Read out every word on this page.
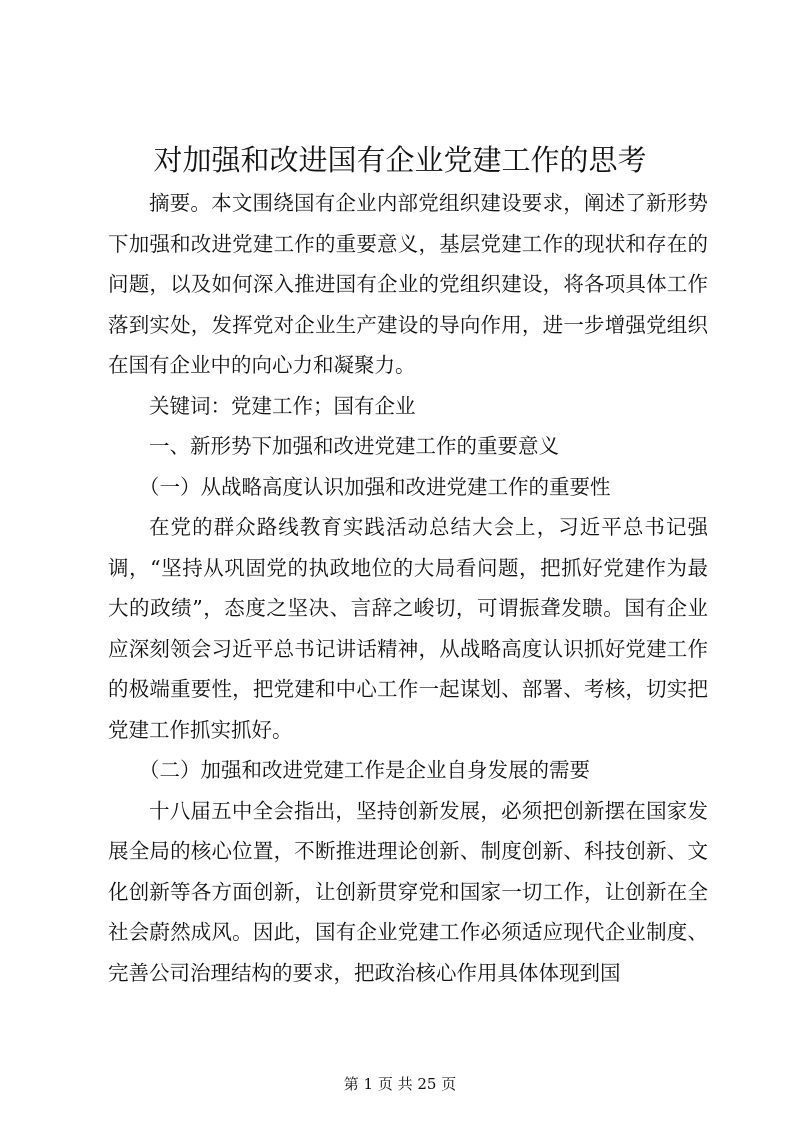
对加强和改进国有企业党建工作的思考

摘要。本文围绕国有企业内部党组织建设要求，阐述了新形势下加强和改进党建工作的重要意义，基层党建工作的现状和存在的问题，以及如何深入推进国有企业的党组织建设，将各项具体工作落到实处，发挥党对企业生产建设的导向作用，进一步增强党组织在国有企业中的向心力和凝聚力。

关键词：党建工作；国有企业

一、新形势下加强和改进党建工作的重要意义

（一）从战略高度认识加强和改进党建工作的重要性

在党的群众路线教育实践活动总结大会上，习近平总书记强调，“坚持从巩固党的执政地位的大局看问题，把抓好党建作为最大的政绩”，态度之坚决、言辞之峻切，可谓振聋发聩。国有企业应深刻领会习近平总书记讲话精神，从战略高度认识抓好党建工作的极端重要性，把党建和中心工作一起谋划、部署、考核，切实把党建工作抓实抓好。

（二）加强和改进党建工作是企业自身发展的需要

十八届五中全会指出，坚持创新发展，必须把创新摆在国家发展全局的核心位置，不断推进理论创新、制度创新、科技创新、文化创新等各方面创新，让创新贯穿党和国家一切工作，让创新在全社会蔚然成风。因此，国有企业党建工作必须适应现代企业制度、完善公司治理结构的要求，把政治核心作用具体体现到国

第 1 页 共 25 页
